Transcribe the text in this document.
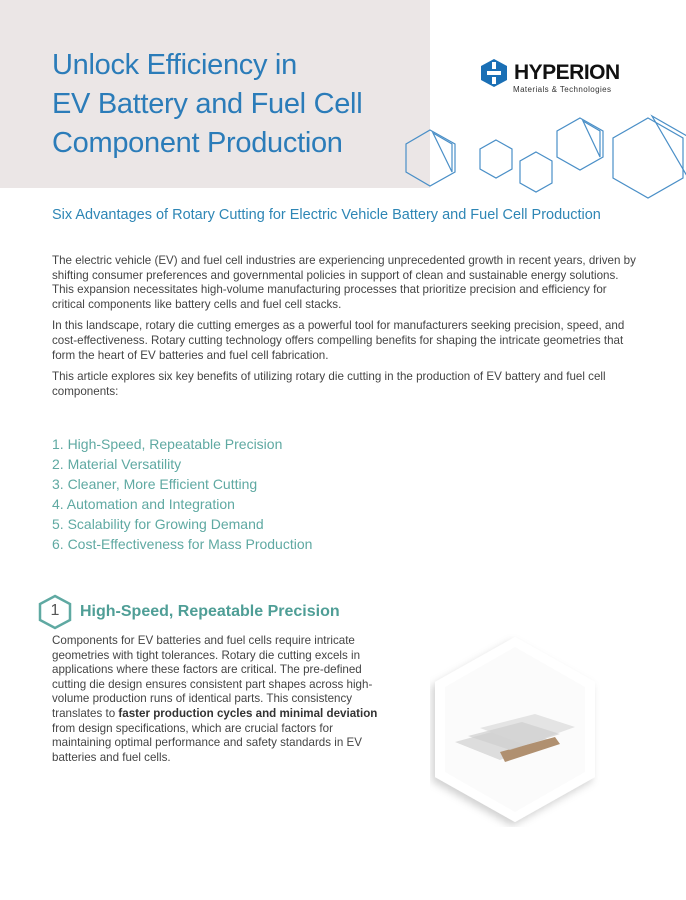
Unlock Efficiency in
EV Battery and Fuel Cell
Component Production
HYPERION
Materials & Technologies
Six Advantages of Rotary Cutting for Electric Vehicle Battery and Fuel Cell Production

The electric vehicle (EV) and fuel cell industries are experiencing unprecedented growth in recent years, driven by shifting consumer preferences and governmental policies in support of clean and sustainable energy solutions. This expansion necessitates high-volume manufacturing processes that prioritize precision and efficiency for critical components like battery cells and fuel cell stacks.

In this landscape, rotary die cutting emerges as a powerful tool for manufacturers seeking precision, speed, and cost-effectiveness. Rotary cutting technology offers compelling benefits for shaping the intricate geometries that form the heart of EV batteries and fuel cell fabrication.

This article explores six key benefits of utilizing rotary die cutting in the production of EV battery and fuel cell components:

1. High-Speed, Repeatable Precision
2. Material Versatility
3. Cleaner, More Efficient Cutting
4. Automation and Integration
5. Scalability for Growing Demand
6. Cost-Effectiveness for Mass Production
1	High-Speed, Repeatable Precision
Components for EV batteries and fuel cells require intricate geometries with tight tolerances. Rotary die cutting excels in applications where these factors are critical. The pre-defined cutting die design ensures consistent part shapes across high-volume production runs of identical parts. This consistency translates to faster production cycles and minimal deviation from design specifications, which are crucial factors for maintaining optimal performance and safety standards in EV batteries and fuel cells.
